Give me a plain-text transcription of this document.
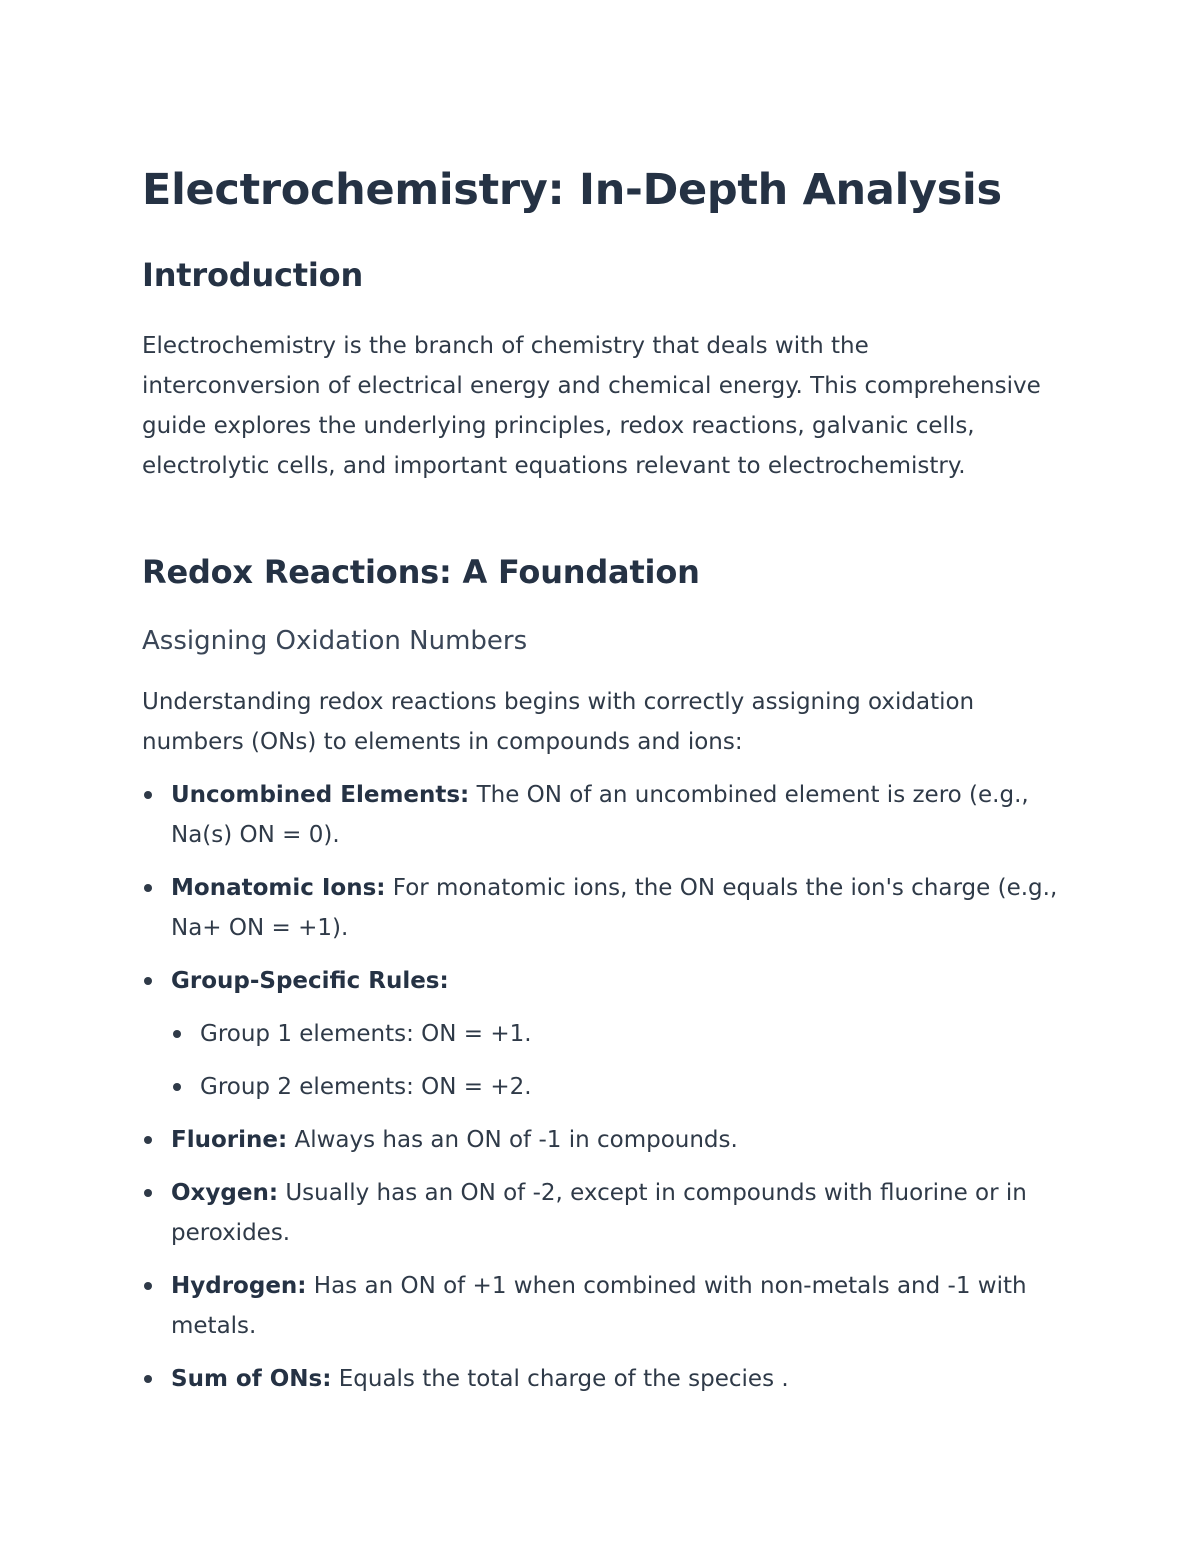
Electrochemistry: In-Depth Analysis
Introduction

Electrochemistry is the branch of chemistry that deals with the interconversion of electrical energy and chemical energy. This comprehensive guide explores the underlying principles, redox reactions, galvanic cells, electrolytic cells, and important equations relevant to electrochemistry.

Redox Reactions: A Foundation
Assigning Oxidation Numbers

Understanding redox reactions begins with correctly assigning oxidation numbers (ONs) to elements in compounds and ions:

Uncombined Elements: The ON of an uncombined element is zero (e.g., Na(s) ON = 0).
Monatomic Ions: For monatomic ions, the ON equals the ion's charge (e.g., Na+ ON = +1).
Group-Specific Rules:
Group 1 elements: ON = +1.
Group 2 elements: ON = +2.
Fluorine: Always has an ON of -1 in compounds.
Oxygen: Usually has an ON of -2, except in compounds with fluorine or in peroxides.
Hydrogen: Has an ON of +1 when combined with non-metals and -1 with metals.
Sum of ONs: Equals the total charge of the species .
